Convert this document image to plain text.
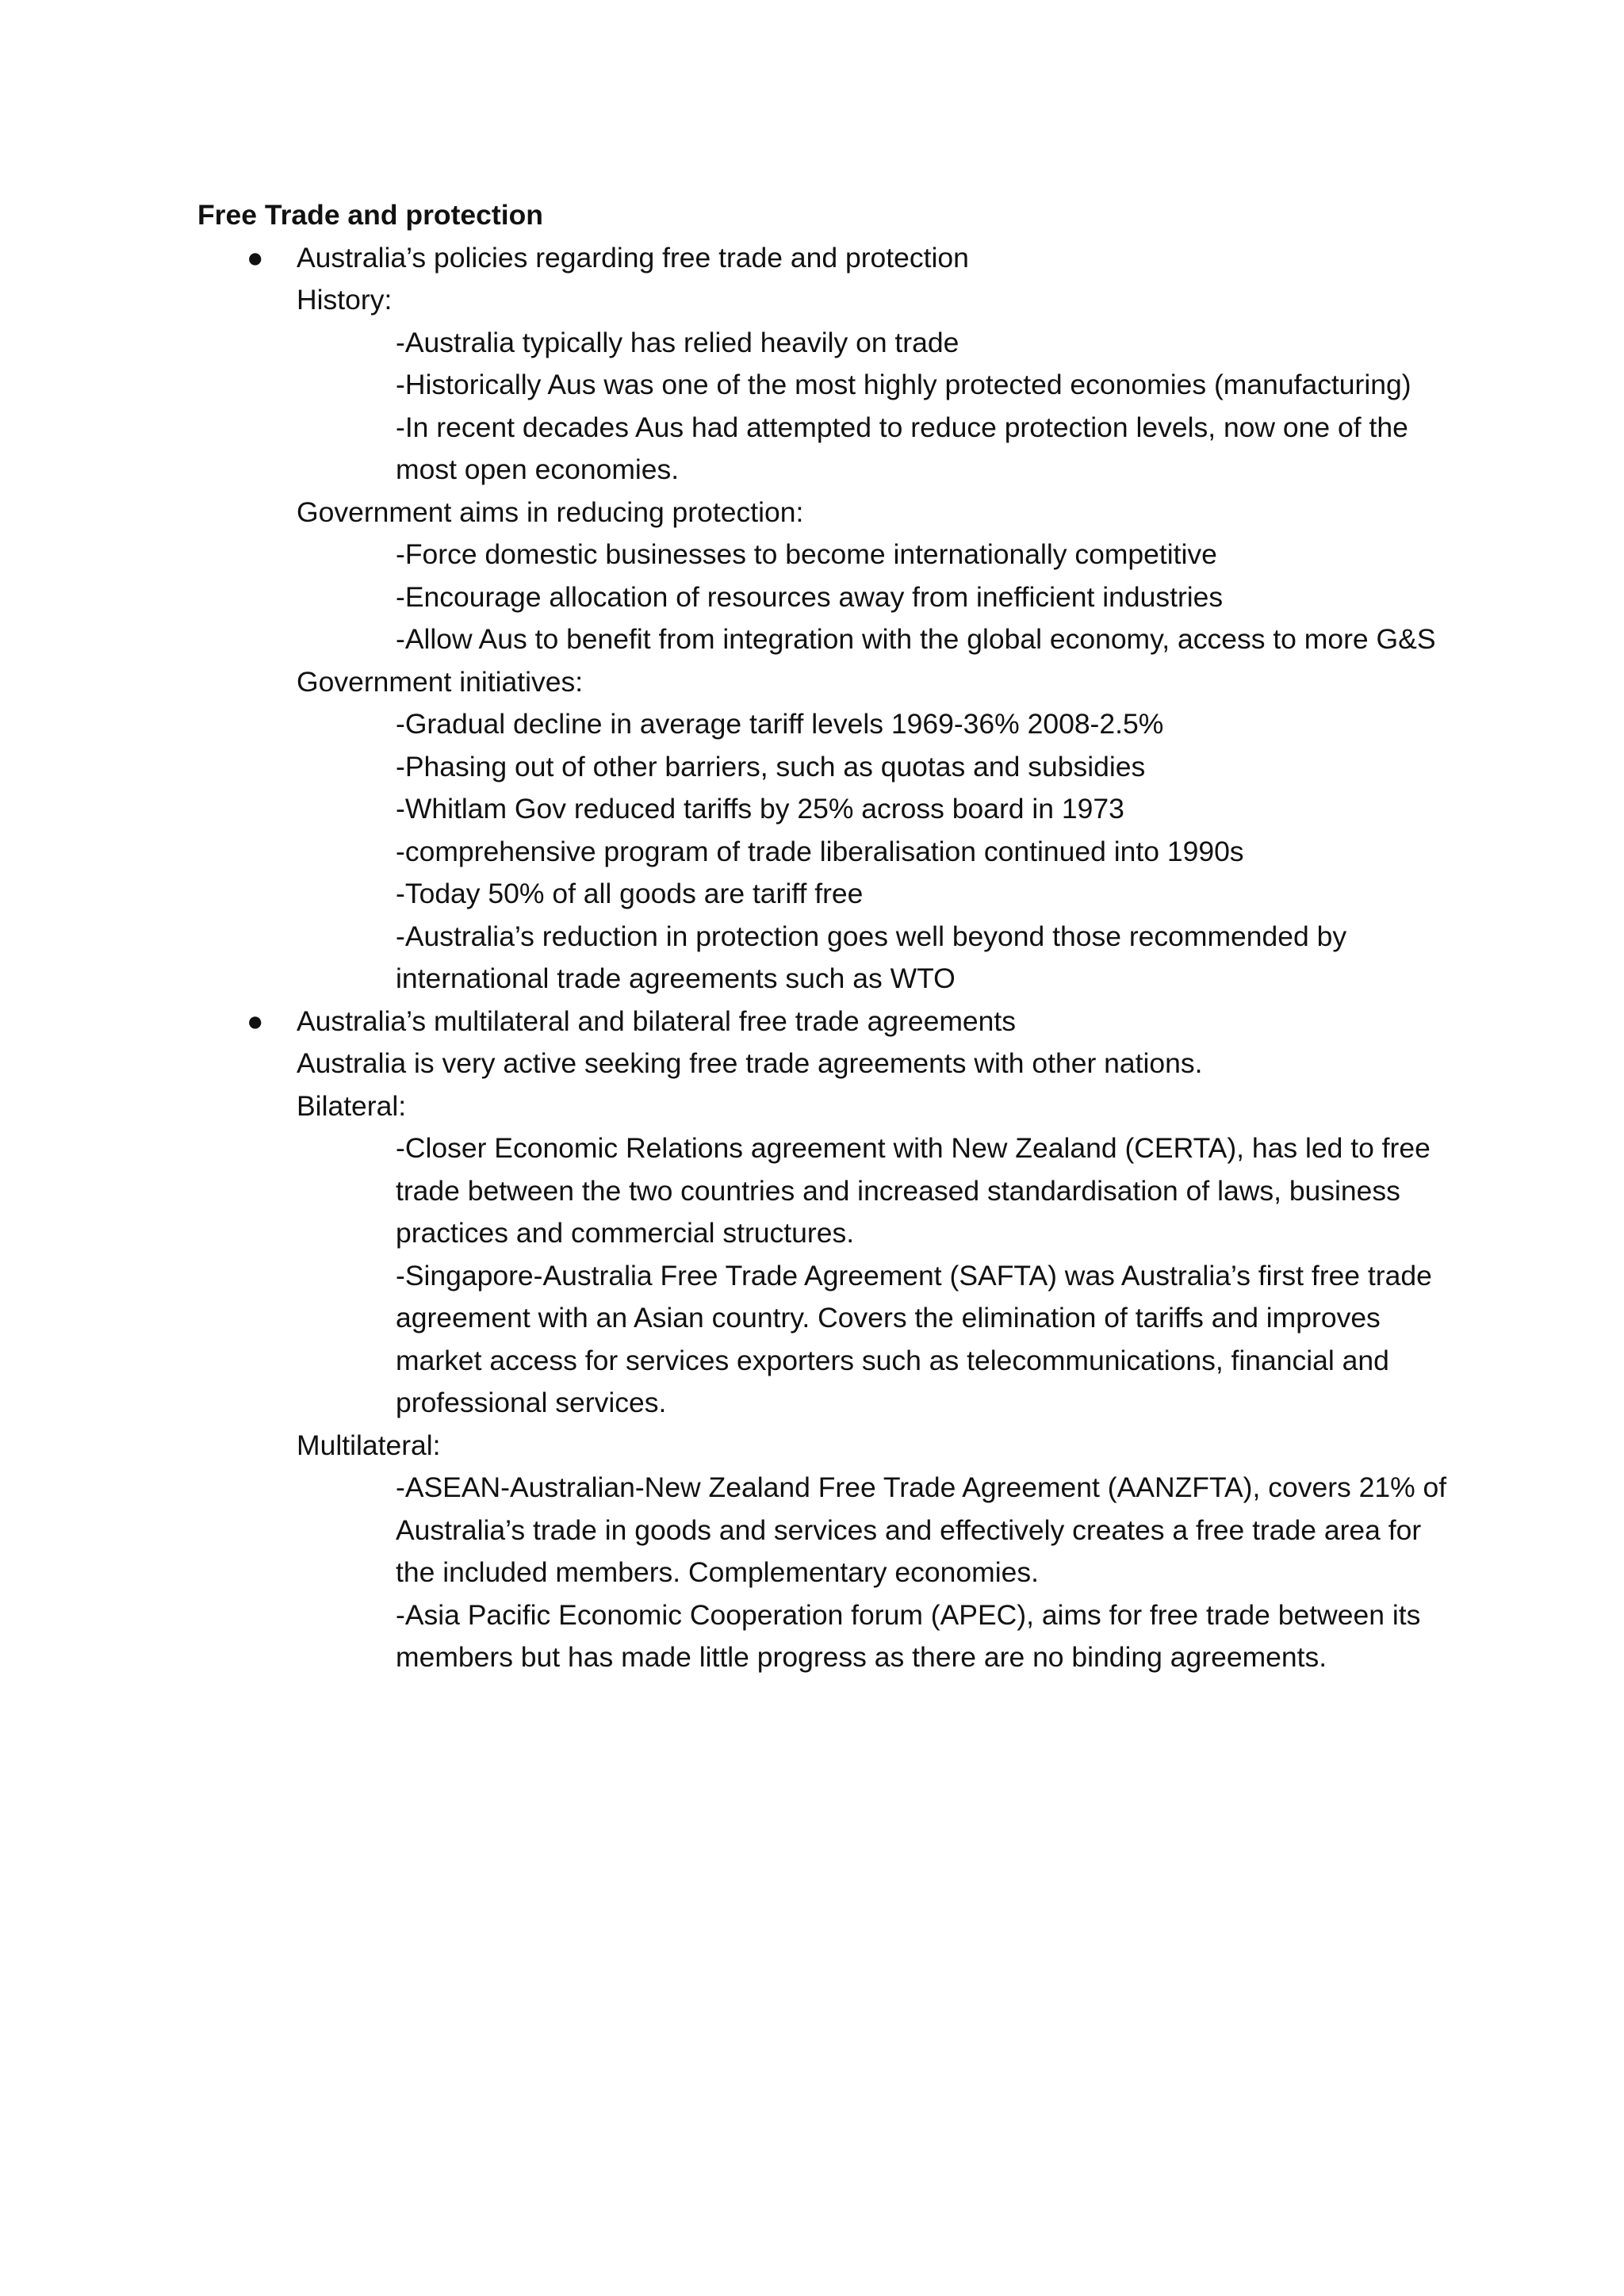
Free Trade and protection

●	Australia’s policies regarding free trade and protection

History:

-Australia typically has relied heavily on trade

-Historically Aus was one of the most highly protected economies (manufacturing)

-In recent decades Aus had attempted to reduce protection levels, now one of the

most open economies.

Government aims in reducing protection:

-Force domestic businesses to become internationally competitive

-Encourage allocation of resources away from inefficient industries

-Allow Aus to benefit from integration with the global economy, access to more G&S

Government initiatives:

-Gradual decline in average tariff levels 1969-36% 2008-2.5%

-Phasing out of other barriers, such as quotas and subsidies

-Whitlam Gov reduced tariffs by 25% across board in 1973

-comprehensive program of trade liberalisation continued into 1990s

-Today 50% of all goods are tariff free

-Australia’s reduction in protection goes well beyond those recommended by

international trade agreements such as WTO

●	Australia’s multilateral and bilateral free trade agreements

Australia is very active seeking free trade agreements with other nations.

Bilateral:

-Closer Economic Relations agreement with New Zealand (CERTA), has led to free

trade between the two countries and increased standardisation of laws, business

practices and commercial structures.

-Singapore-Australia Free Trade Agreement (SAFTA) was Australia’s first free trade

agreement with an Asian country. Covers the elimination of tariffs and improves

market access for services exporters such as telecommunications, financial and

professional services.

Multilateral:

-ASEAN-Australian-New Zealand Free Trade Agreement (AANZFTA), covers 21% of

Australia’s trade in goods and services and effectively creates a free trade area for

the included members. Complementary economies.

-Asia Pacific Economic Cooperation forum (APEC), aims for free trade between its

members but has made little progress as there are no binding agreements.
